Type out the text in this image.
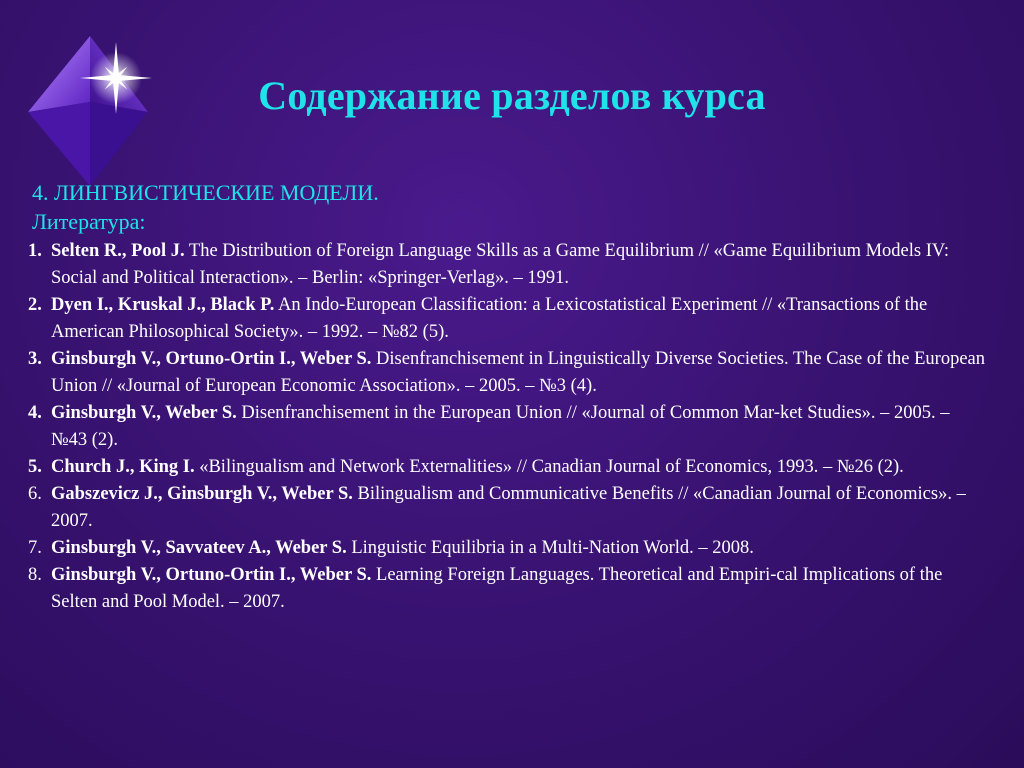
Содержание разделов курса
4. ЛИНГВИСТИЧЕСКИЕ МОДЕЛИ.
Литература:
1. Selten R., Pool J. The Distribution of Foreign Language Skills as a Game Equilibrium // «Game Equilibrium Models IV: Social and Political Interaction». – Berlin: «Springer-Verlag». – 1991.
2. Dyen I., Kruskal J., Black P. An Indo-European Classification: a Lexicostatistical Experiment // «Transactions of the American Philosophical Society». – 1992. – №82 (5).
3. Ginsburgh V., Ortuno-Ortin I., Weber S. Disenfranchisement in Linguistically Diverse Societies. The Case of the European Union // «Journal of European Economic Association». – 2005. – №3 (4).
4. Ginsburgh V., Weber S. Disenfranchisement in the European Union // «Journal of Common Mar-ket Studies». – 2005. – №43 (2).
5. Church J., King I. «Bilingualism and Network Externalities» // Canadian Journal of Economics, 1993. – №26 (2).
6. Gabszevicz J., Ginsburgh V., Weber S. Bilingualism and Communicative Benefits // «Canadian Journal of Economics». – 2007.
7. Ginsburgh V., Savvateev A., Weber S. Linguistic Equilibria in a Multi-Nation World. – 2008.
8. Ginsburgh V., Ortuno-Ortin I., Weber S. Learning Foreign Languages. Theoretical and Empiri-cal Implications of the Selten and Pool Model. – 2007.
